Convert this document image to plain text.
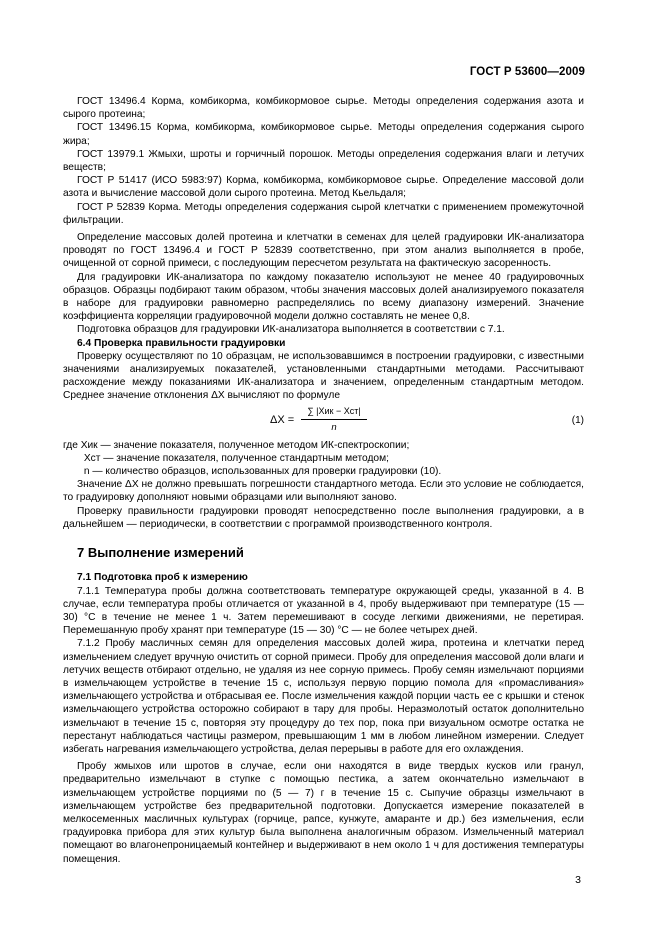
ГОСТ Р 53600—2009

ГОСТ 13496.4 Корма, комбикорма, комбикормовое сырье. Методы определения содержания азота и сырого протеина;

ГОСТ 13496.15 Корма, комбикорма, комбикормовое сырье. Методы определения содержания сырого жира;

ГОСТ 13979.1 Жмыхи, шроты и горчичный порошок. Методы определения содержания влаги и летучих веществ;

ГОСТ Р 51417 (ИСО 5983:97) Корма, комбикорма, комбикормовое сырье. Определение массовой доли азота и вычисление массовой доли сырого протеина. Метод Кьельдаля;

ГОСТ Р 52839 Корма. Методы определения содержания сырой клетчатки с применением промежуточной фильтрации.

Определение массовых долей протеина и клетчатки в семенах для целей градуировки ИК-анализатора проводят по ГОСТ 13496.4 и ГОСТ Р 52839 соответственно, при этом анализ выполняется в пробе, очищенной от сорной примеси, с последующим пересчетом результата на фактическую засоренность.

Для градуировки ИК-анализатора по каждому показателю используют не менее 40 градуировочных образцов. Образцы подбирают таким образом, чтобы значения массовых долей анализируемого показателя в наборе для градуировки равномерно распределялись по всему диапазону измерений. Значение коэффициента корреляции градуировочной модели должно составлять не менее 0,8.

Подготовка образцов для градуировки ИК-анализатора выполняется в соответствии с 7.1.

6.4 Проверка правильности градуировки

Проверку осуществляют по 10 образцам, не использовавшимся в построении градуировки, с известными значениями анализируемых показателей, установленными стандартными методами. Рассчитывают расхождение между показаниями ИК-анализатора и значением, определенным стандартным методом. Среднее значение отклонения ΔX вычисляют по формуле

ΔX =
∑ |Xик − Xст|
n
(1)

где Xик — значение показателя, полученное методом ИК-спектроскопии;

Xст — значение показателя, полученное стандартным методом;

n — количество образцов, использованных для проверки градуировки (10).

Значение ΔX не должно превышать погрешности стандартного метода. Если это условие не соблюдается, то градуировку дополняют новыми образцами или выполняют заново.

Проверку правильности градуировки проводят непосредственно после выполнения градуировки, а в дальнейшем — периодически, в соответствии с программой производственного контроля.

7 Выполнение измерений

7.1 Подготовка проб к измерению

7.1.1 Температура пробы должна соответствовать температуре окружающей среды, указанной в 4. В случае, если температура пробы отличается от указанной в 4, пробу выдерживают при температуре (15 — 30) °С в течение не менее 1 ч. Затем перемешивают в сосуде легкими движениями, не перетирая. Перемешанную пробу хранят при температуре (15 — 30) °С — не более четырех дней.

7.1.2 Пробу масличных семян для определения массовых долей жира, протеина и клетчатки перед измельчением следует вручную очистить от сорной примеси. Пробу для определения массовой доли влаги и летучих веществ отбирают отдельно, не удаляя из нее сорную примесь. Пробу семян измельчают порциями в измельчающем устройстве в течение 15 с, используя первую порцию помола для «промасливания» измельчающего устройства и отбрасывая ее. После измельчения каждой порции часть ее с крышки и стенок измельчающего устройства осторожно собирают в тару для пробы. Неразмолотый остаток дополнительно измельчают в течение 15 с, повторяя эту процедуру до тех пор, пока при визуальном осмотре остатка не перестанут наблюдаться частицы размером, превышающим 1 мм в любом линейном измерении. Следует избегать нагревания измельчающего устройства, делая перерывы в работе для его охлаждения.

Пробу жмыхов или шротов в случае, если они находятся в виде твердых кусков или гранул, предварительно измельчают в ступке с помощью пестика, а затем окончательно измельчают в измельчающем устройстве порциями по (5 — 7) г в течение 15 с. Сыпучие образцы измельчают в измельчающем устройстве без предварительной подготовки. Допускается измерение показателей в мелкосеменных масличных культурах (горчице, рапсе, кунжуте, амаранте и др.) без измельчения, если градуировка прибора для этих культур была выполнена аналогичным образом. Измельченный материал помещают во влагонепроницаемый контейнер и выдерживают в нем около 1 ч для достижения температуры помещения.

3
